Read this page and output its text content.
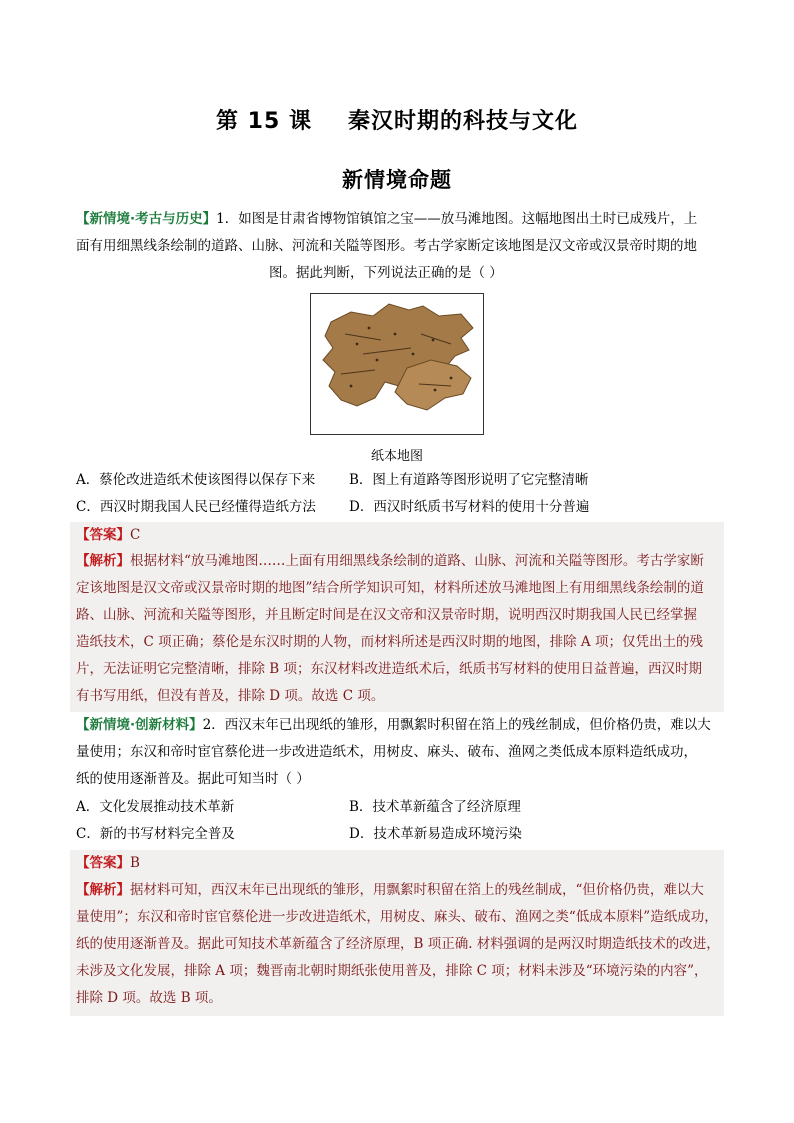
第 15 课 秦汉时期的科技与文化
新情境命题
【新情境·考古与历史】1．如图是甘肃省博物馆镇馆之宝——放马滩地图。这幅地图出土时已成残片，上
面有用细黑线条绘制的道路、山脉、河流和关隘等图形。考古学家断定该地图是汉文帝或汉景帝时期的地
图。据此判断，下列说法正确的是（ ）
纸本地图
A．蔡伦改进造纸术使该图得以保存下来	B．图上有道路等图形说明了它完整清晰
C．西汉时期我国人民已经懂得造纸方法 D．西汉时纸质书写材料的使用十分普遍
【答案】C
【解析】根据材料“放马滩地图……上面有用细黑线条绘制的道路、山脉、河流和关隘等图形。考古学家断
定该地图是汉文帝或汉景帝时期的地图”结合所学知识可知，材料所述放马滩地图上有用细黑线条绘制的道
路、山脉、河流和关隘等图形，并且断定时间是在汉文帝和汉景帝时期，说明西汉时期我国人民已经掌握
造纸技术，C 项正确；蔡伦是东汉时期的人物，而材料所述是西汉时期的地图，排除 A 项；仅凭出土的残
片，无法证明它完整清晰，排除 B 项；东汉材料改进造纸术后，纸质书写材料的使用日益普遍，西汉时期
有书写用纸，但没有普及，排除 D 项。故选 C 项。
【新情境·创新材料】2．西汉末年已出现纸的雏形，用飘絮时积留在箔上的残丝制成，但价格仍贵，难以大
量使用；东汉和帝时宦官蔡伦进一步改进造纸术，用树皮、麻头、破布、渔网之类低成本原料造纸成功，
纸的使用逐渐普及。据此可知当时（ ）
A．文化发展推动技术革新	B．技术革新蕴含了经济原理
C．新的书写材料完全普及	D．技术革新易造成环境污染
【答案】B
【解析】据材料可知，西汉末年已出现纸的雏形，用飘絮时积留在箔上的残丝制成，“但价格仍贵，难以大
量使用”；东汉和帝时宦官蔡伦进一步改进造纸术，用树皮、麻头、破布、渔网之类“低成本原料”造纸成功，
纸的使用逐渐普及。据此可知技术革新蕴含了经济原理，B 项正确. 材料强调的是两汉时期造纸技术的改进，
未涉及文化发展，排除 A 项；魏晋南北朝时期纸张使用普及，排除 C 项；材料未涉及“环境污染的内容”，
排除 D 项。故选 B 项。
